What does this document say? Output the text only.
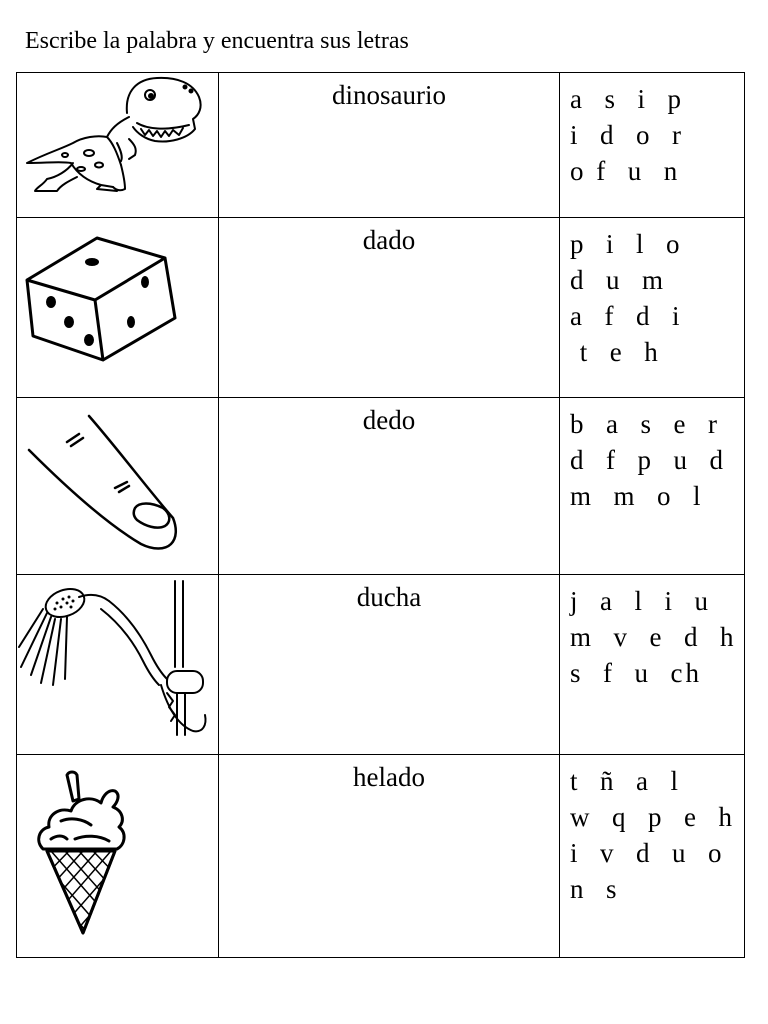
Escribe la palabra y encuentra sus letras

dinosaurio	a  s  i  p
i  d  o  r
o f  u  n

dado	p  i  l  o
d  u  m
a  f  d  i
t  e  h

dedo	b  a  s  e  r
d  f  p  u  d
m  m  o  l

ducha	j  a  l  i  u
m  v  e  d  h
s  f  u  ch

helado	t  ñ  a  l
w  q  p  e  h
i  v  d  u  o
n  s
